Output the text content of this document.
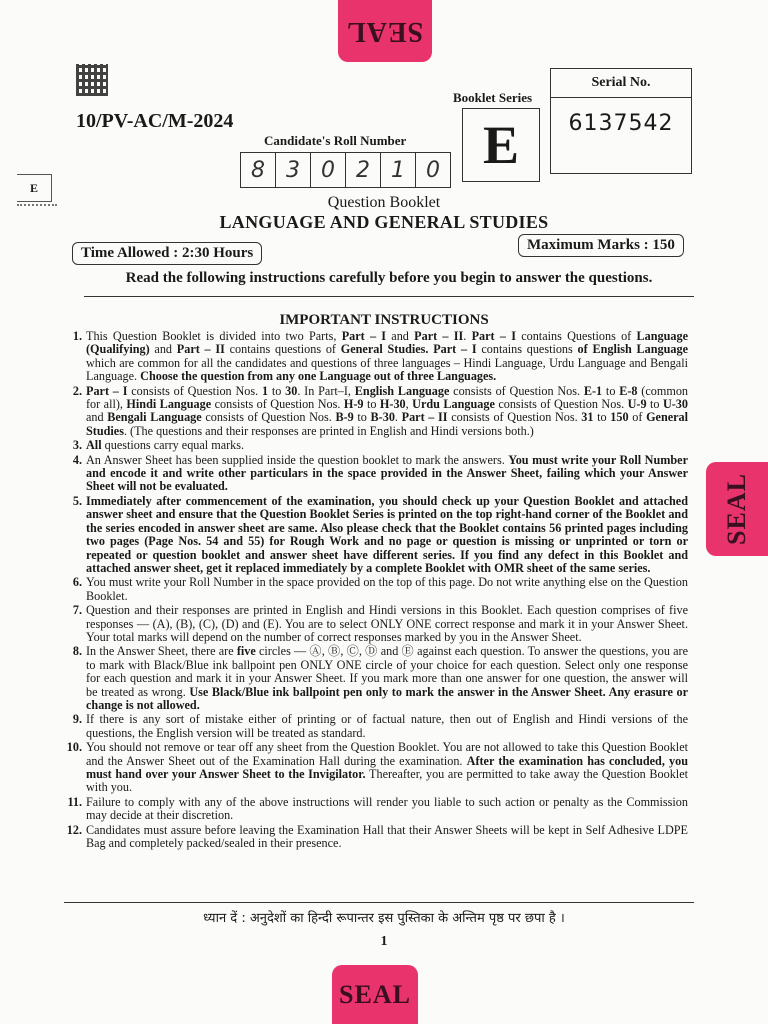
SEAL
SEAL
SEAL
10/PV-AC/M-2024
E
Candidate's Roll Number
8 3 0 2 1 0
Booklet Series
E
Serial No.
6137542
Question Booklet
LANGUAGE AND GENERAL STUDIES
Time Allowed : 2:30 Hours	Maximum Marks : 150
Read the following instructions carefully before you begin to answer the questions.
IMPORTANT INSTRUCTIONS
1. This Question Booklet is divided into two Parts, Part – I and Part – II. Part – I contains Questions of Language (Qualifying) and Part – II contains questions of General Studies. Part – I contains questions of English Language which are common for all the candidates and questions of three languages – Hindi Language, Urdu Language and Bengali Language. Choose the question from any one Language out of three Languages.
2. Part – I consists of Question Nos. 1 to 30. In Part–I, English Language consists of Question Nos. E-1 to E-8 (common for all), Hindi Language consists of Question Nos. H-9 to H-30, Urdu Language consists of Question Nos. U-9 to U-30 and Bengali Language consists of Question Nos. B-9 to B-30. Part – II consists of Question Nos. 31 to 150 of General Studies. (The questions and their responses are printed in English and Hindi versions both.)
3. All questions carry equal marks.
4. An Answer Sheet has been supplied inside the question booklet to mark the answers. You must write your Roll Number and encode it and write other particulars in the space provided in the Answer Sheet, failing which your Answer Sheet will not be evaluated.
5. Immediately after commencement of the examination, you should check up your Question Booklet and attached answer sheet and ensure that the Question Booklet Series is printed on the top right-hand corner of the Booklet and the series encoded in answer sheet are same. Also please check that the Booklet contains 56 printed pages including two pages (Page Nos. 54 and 55) for Rough Work and no page or question is missing or unprinted or torn or repeated or question booklet and answer sheet have different series. If you find any defect in this Booklet and attached answer sheet, get it replaced immediately by a complete Booklet with OMR sheet of the same series.
6. You must write your Roll Number in the space provided on the top of this page. Do not write anything else on the Question Booklet.
7. Question and their responses are printed in English and Hindi versions in this Booklet. Each question comprises of five responses — (A), (B), (C), (D) and (E). You are to select ONLY ONE correct response and mark it in your Answer Sheet. Your total marks will depend on the number of correct responses marked by you in the Answer Sheet.
8. In the Answer Sheet, there are five circles — Ⓐ, Ⓑ, Ⓒ, Ⓓ and Ⓔ against each question. To answer the questions, you are to mark with Black/Blue ink ballpoint pen ONLY ONE circle of your choice for each question. Select only one response for each question and mark it in your Answer Sheet. If you mark more than one answer for one question, the answer will be treated as wrong. Use Black/Blue ink ballpoint pen only to mark the answer in the Answer Sheet. Any erasure or change is not allowed.
9. If there is any sort of mistake either of printing or of factual nature, then out of English and Hindi versions of the questions, the English version will be treated as standard.
10. You should not remove or tear off any sheet from the Question Booklet. You are not allowed to take this Question Booklet and the Answer Sheet out of the Examination Hall during the examination. After the examination has concluded, you must hand over your Answer Sheet to the Invigilator. Thereafter, you are permitted to take away the Question Booklet with you.
11. Failure to comply with any of the above instructions will render you liable to such action or penalty as the Commission may decide at their discretion.
12. Candidates must assure before leaving the Examination Hall that their Answer Sheets will be kept in Self Adhesive LDPE Bag and completely packed/sealed in their presence.
ध्यान दें : अनुदेशों का हिन्दी रूपान्तर इस पुस्तिका के अन्तिम पृष्ठ पर छपा है ।
1
